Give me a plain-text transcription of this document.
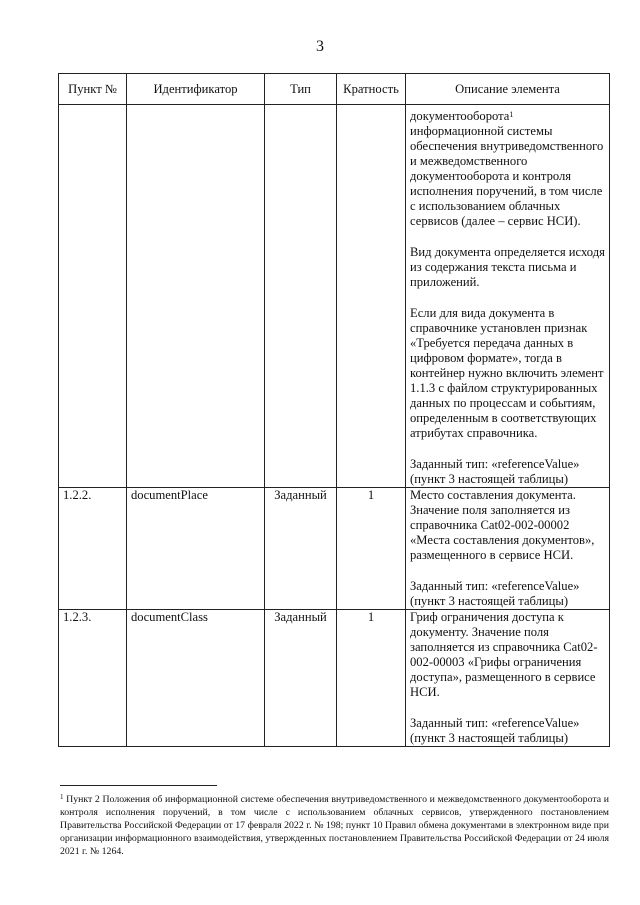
3
Пункт №	Идентификатор	Тип	Кратность	Описание элемента

				документооборота$^1$ информационной системы обеспечения внутриведомственного и межведомственного документооборота и контроля исполнения поручений, в том числе с использованием облачных сервисов (далее – сервис НСИ).

Вид документа определяется исходя из содержания текста письма и приложений.

Если для вида документа в справочнике установлен признак «Требуется передача данных в цифровом формате», тогда в контейнер нужно включить элемент 1.1.3 с файлом структурированных данных по процессам и событиям, определенным в соответствующих атрибутах справочника.

Заданный тип: «referenceValue» (пункт 3 настоящей таблицы)

1.2.2.	documentPlace	Заданный	1	Место составления документа. Значение поля заполняется из справочника Cat02-002-00002 «Места составления документов», размещенного в сервисе НСИ.

Заданный тип: «referenceValue» (пункт 3 настоящей таблицы)

1.2.3.	documentClass	Заданный	1	Гриф ограничения доступа к документу. Значение поля заполняется из справочника Cat02-002-00003 «Грифы ограничения доступа», размещенного в сервисе НСИ.

Заданный тип: «referenceValue» (пункт 3 настоящей таблицы)

$^1$ Пункт 2 Положения об информационной системе обеспечения внутриведомственного и межведомственного документооборота и контроля исполнения поручений, в том числе с использованием облачных сервисов, утвержденного постановлением Правительства Российской Федерации от 17 февраля 2022 г. № 198; пункт 10 Правил обмена документами в электронном виде при организации информационного взаимодействия, утвержденных постановлением Правительства Российской Федерации от 24 июля 2021 г. № 1264.
